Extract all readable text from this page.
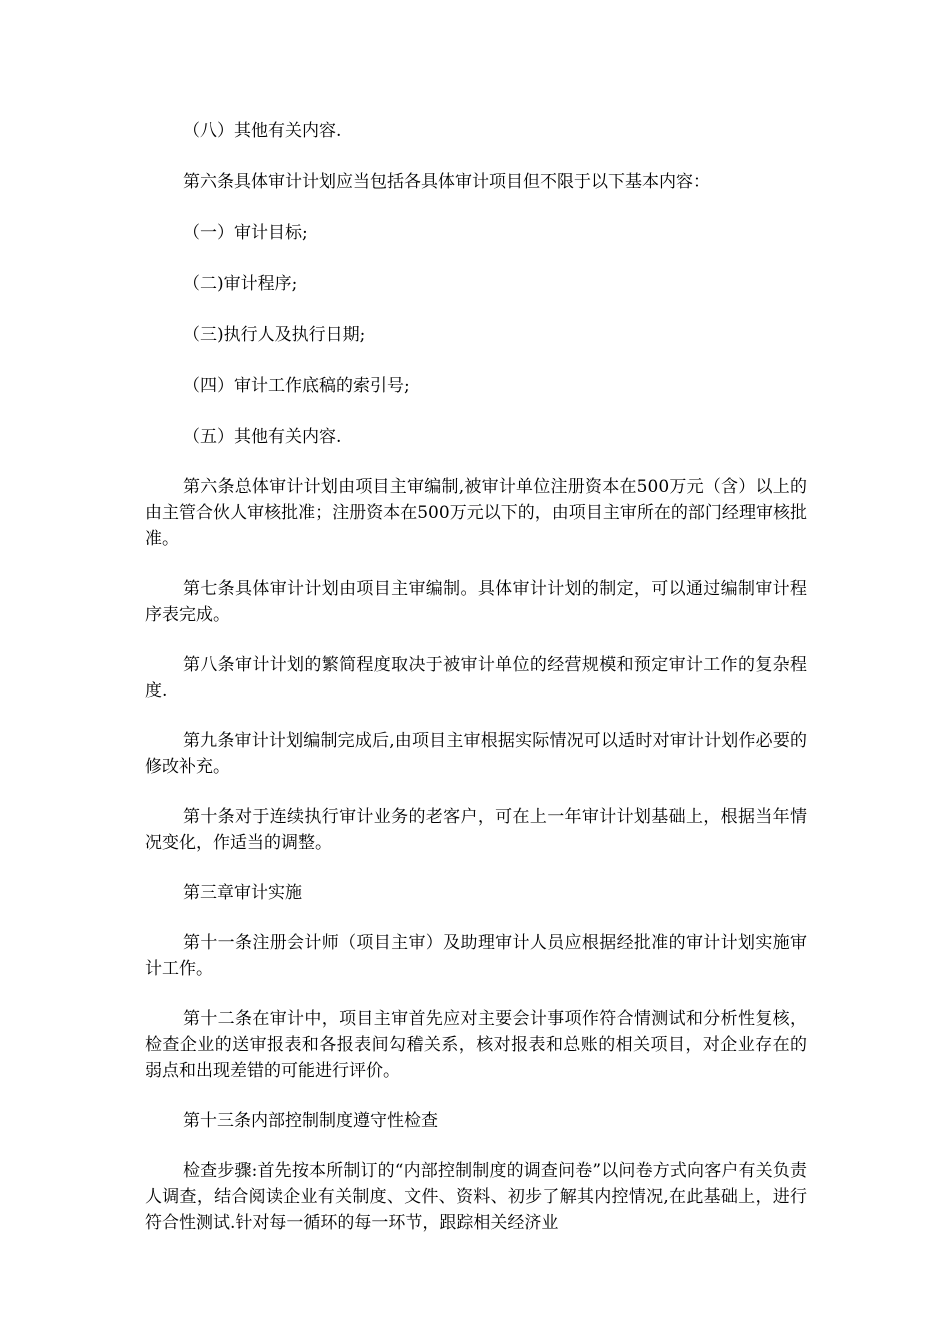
（八）其他有关内容.

第六条具体审计计划应当包括各具体审计项目但不限于以下基本内容：

（一）审计目标;

（二)审计程序;

（三)执行人及执行日期;

（四）审计工作底稿的索引号;

（五）其他有关内容.

第六条总体审计计划由项目主审编制,被审计单位注册资本在500万元（含）以上的由主管合伙人审核批准；注册资本在500万元以下的，由项目主审所在的部门经理审核批准。

第七条具体审计计划由项目主审编制。具体审计计划的制定，可以通过编制审计程序表完成。

第八条审计计划的繁简程度取决于被审计单位的经营规模和预定审计工作的复杂程度.

第九条审计计划编制完成后,由项目主审根据实际情况可以适时对审计计划作必要的修改补充。

第十条对于连续执行审计业务的老客户，可在上一年审计计划基础上，根据当年情况变化，作适当的调整。

第三章审计实施

第十一条注册会计师（项目主审）及助理审计人员应根据经批准的审计计划实施审计工作。

第十二条在审计中，项目主审首先应对主要会计事项作符合情测试和分析性复核，检查企业的送审报表和各报表间勾稽关系，核对报表和总账的相关项目，对企业存在的弱点和出现差错的可能进行评价。

第十三条内部控制制度遵守性检查

检查步骤:首先按本所制订的“内部控制制度的调查问卷”以问卷方式向客户有关负责人调查，结合阅读企业有关制度、文件、资料、初步了解其内控情况,在此基础上，进行符合性测试.针对每一循环的每一环节，跟踪相关经济业
